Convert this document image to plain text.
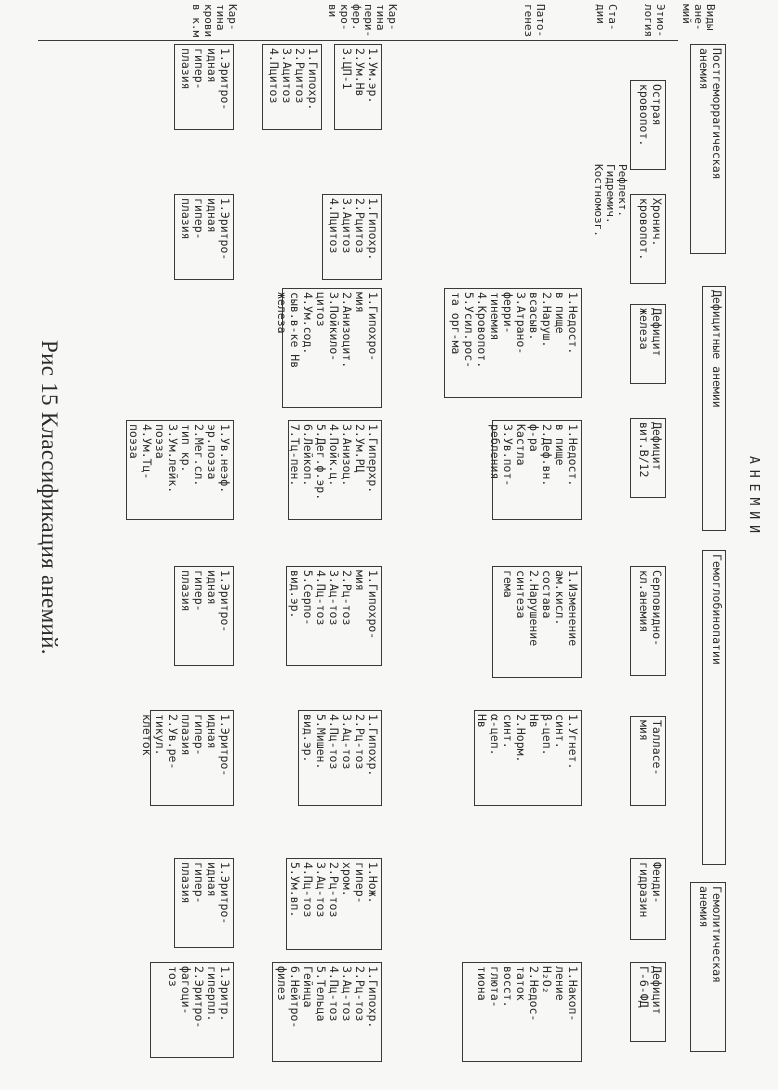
АНЕМИИ
Виды
ане-
мий
Этио-
логия
Ста-
дии
Пато-
генез
Кар-
тина
пери-
фер.
кро-
ви
Кар-
тина
крови
в к.м
Постгеморрагическая
анемия
Дефицитные анемии
Гемоглобинопатии
Гемолитическая
анемия
Острая
кровопот.
Хронич.
кровопот.
Дефицит
железа
Дефицит
вит.В/12
Серповидно-
кл.анемия
Талласе-
мия
Фенди-
гидразин
Дефицит
Г-6-ФД
Рефлект.
Гидремич.
Костномозг.
1.Недост.
в пище
2.Наруш.
всасыв.
3.Атрано-
ферри-
тинемия
4.Кровопот.
5.Усил.рос-
та орг-ма
1.Недост.
в пище
2.Деф.вн.
ф-ра
Кастла
3.Ув.пот-
ребления
1.Изменение
ам.кисл.
состава
2.Нарушение
синтеза
гема
1.Угнет.
синт.
β-цеп.
Нв
2.Норм.
синт.
α-цеп.
Нв
1.Накоп-
ление
H₂O₂
2.Недос-
таток
восст.
глюта-
тиона
1.Ум.эр.
2.Ум.Нв
3.ЦП-1
1.Гипохр.
2.Рцитоз
3.Ацитоз
4.Пцитоз
1.Гипохр.
2.Рцитоз
3.Ацитоз
4.Пцитоз
1.Гипохро-
мия
2.Анизоцит.
3.Пойкило-
цитоз
4.Ум.сод.
сыв.в-ке Нв
железа
1.Гиперхр.
2.Ум.РЦ
3.Анизоц.
4.Пойк.ц.
5.Дег.ф.эр.
6.Лейкоп.
7.Тц-пен.
1.Гипохро-
мия
2.Рц-тоз
3.Ац-тоз
4.Пц-тоз
5.Серпо-
вид.эр.
1.Гипохр.
2.Рц-тоз
3.Ац-тоз
4.Пц-тоз
5.Мишен.
вид.эр.
1.Нож.
гипер-
хром.
2.Рц-тоз
3.Ац-тоз
4.Пц-тоз
5.Ум.вп.
1.Гипохр.
2.Рц-тоз
3.Ац-тоз
4.Пц-тоз
5.Тельца
Гейнца
6.Нейтро-
филез
1.Эритро-
идная
гипер-
плазия
1.Эритро-
идная
гипер-
плазия
1.Ув.неэф.
эр.поэза
2.Мег.сл.
тип кр.
3.Ум.лейк.
поэза
4.Ум.Тц-
поэза
1.Эритро-
идная
гипер-
плазия
1.Эритро-
идная
гипер-
плазия
2.Ув.ре-
тикул.
клеток
1.Эритро-
идная
гипер-
плазия
1.Эритр.
гиперпл.
2.Эритро-
фагоци-
тоз
Рис 15 Классификация анемий.
